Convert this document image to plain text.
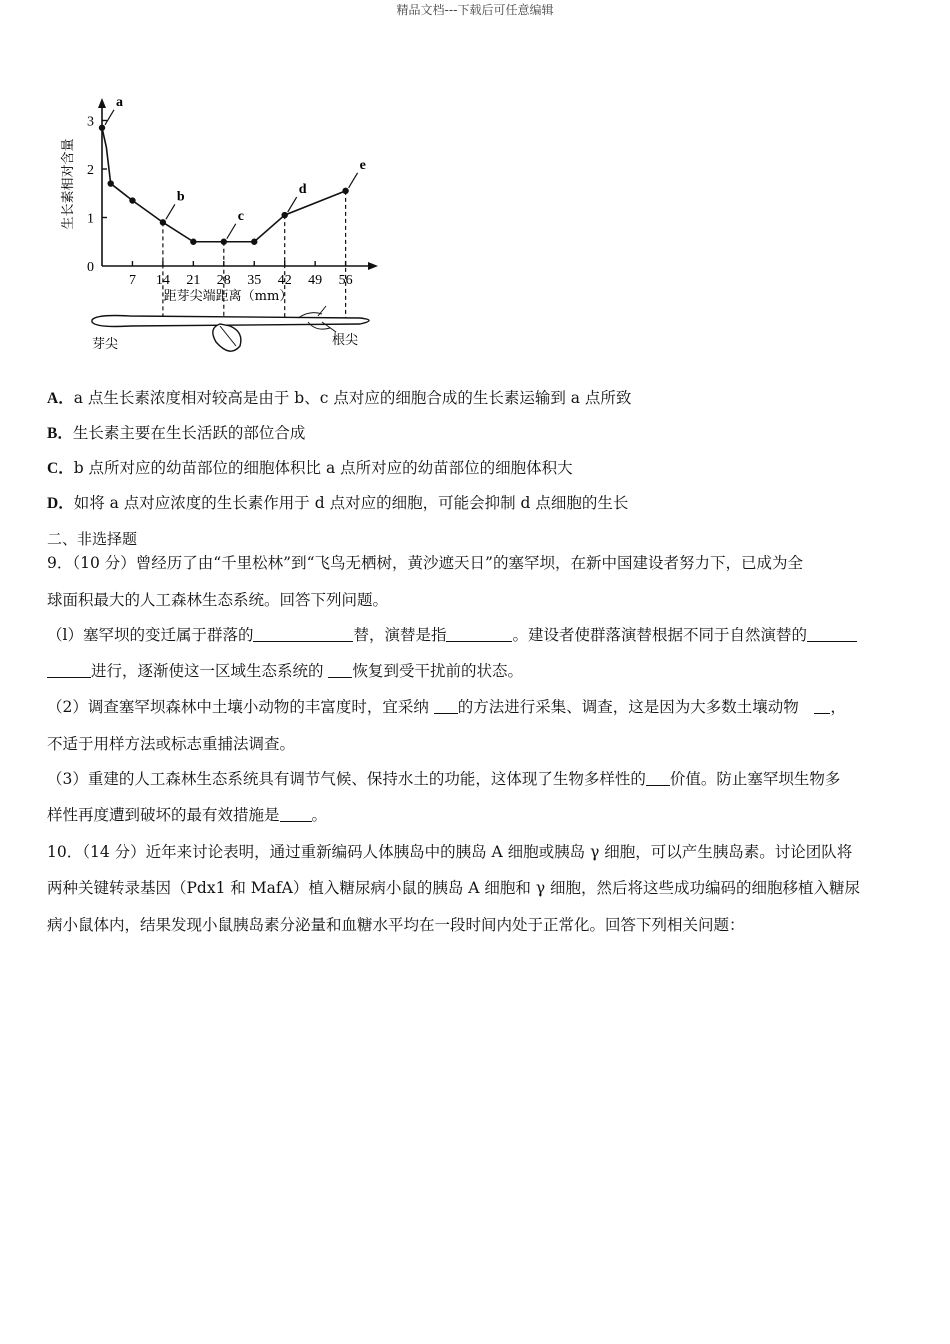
精品文档---下载后可任意编辑
0
1
2
3
7 14 21 28 35 42 49 56
a
b
c
d
e
生长素相对含量
距芽尖端距离（mm）
芽尖	根尖
A．a 点生长素浓度相对较高是由于 b、c 点对应的细胞合成的生长素运输到 a 点所致
B．生长素主要在生长活跃的部位合成
C．b 点所对应的幼苗部位的细胞体积比 a 点所对应的幼苗部位的细胞体积大
D．如将 a 点对应浓度的生长素作用于 d 点对应的细胞，可能会抑制 d 点细胞的生长
二、非选择题
9．（10 分）曾经历了由“千里松林”到“飞鸟无栖树，黄沙遮天日”的塞罕坝，在新中国建设者努力下，已成为全
球面积最大的人工森林生态系统。回答下列问题。
（l）塞罕坝的变迁属于群落的	替，演替是指	。建设者使群落演替根据不同于自然演替的
进行，逐渐使这一区域生态系统的 恢复到受干扰前的状态。
（2）调查塞罕坝森林中土壤小动物的丰富度时，宜采纳 的方法进行采集、调查，这是因为大多数土壤动物　，
不适于用样方法或标志重捕法调查。
（3）重建的人工森林生态系统具有调节气候、保持水土的功能，这体现了生物多样性的 价值。防止塞罕坝生物多
样性再度遭到破坏的最有效措施是 。
10．（14 分）近年来讨论表明，通过重新编码人体胰岛中的胰岛 A 细胞或胰岛 γ 细胞，可以产生胰岛素。讨论团队将
两种关键转录基因（Pdx1 和 MafA）植入糖尿病小鼠的胰岛 A 细胞和 γ 细胞，然后将这些成功编码的细胞移植入糖尿
病小鼠体内，结果发现小鼠胰岛素分泌量和血糖水平均在一段时间内处于正常化。回答下列相关问题：
